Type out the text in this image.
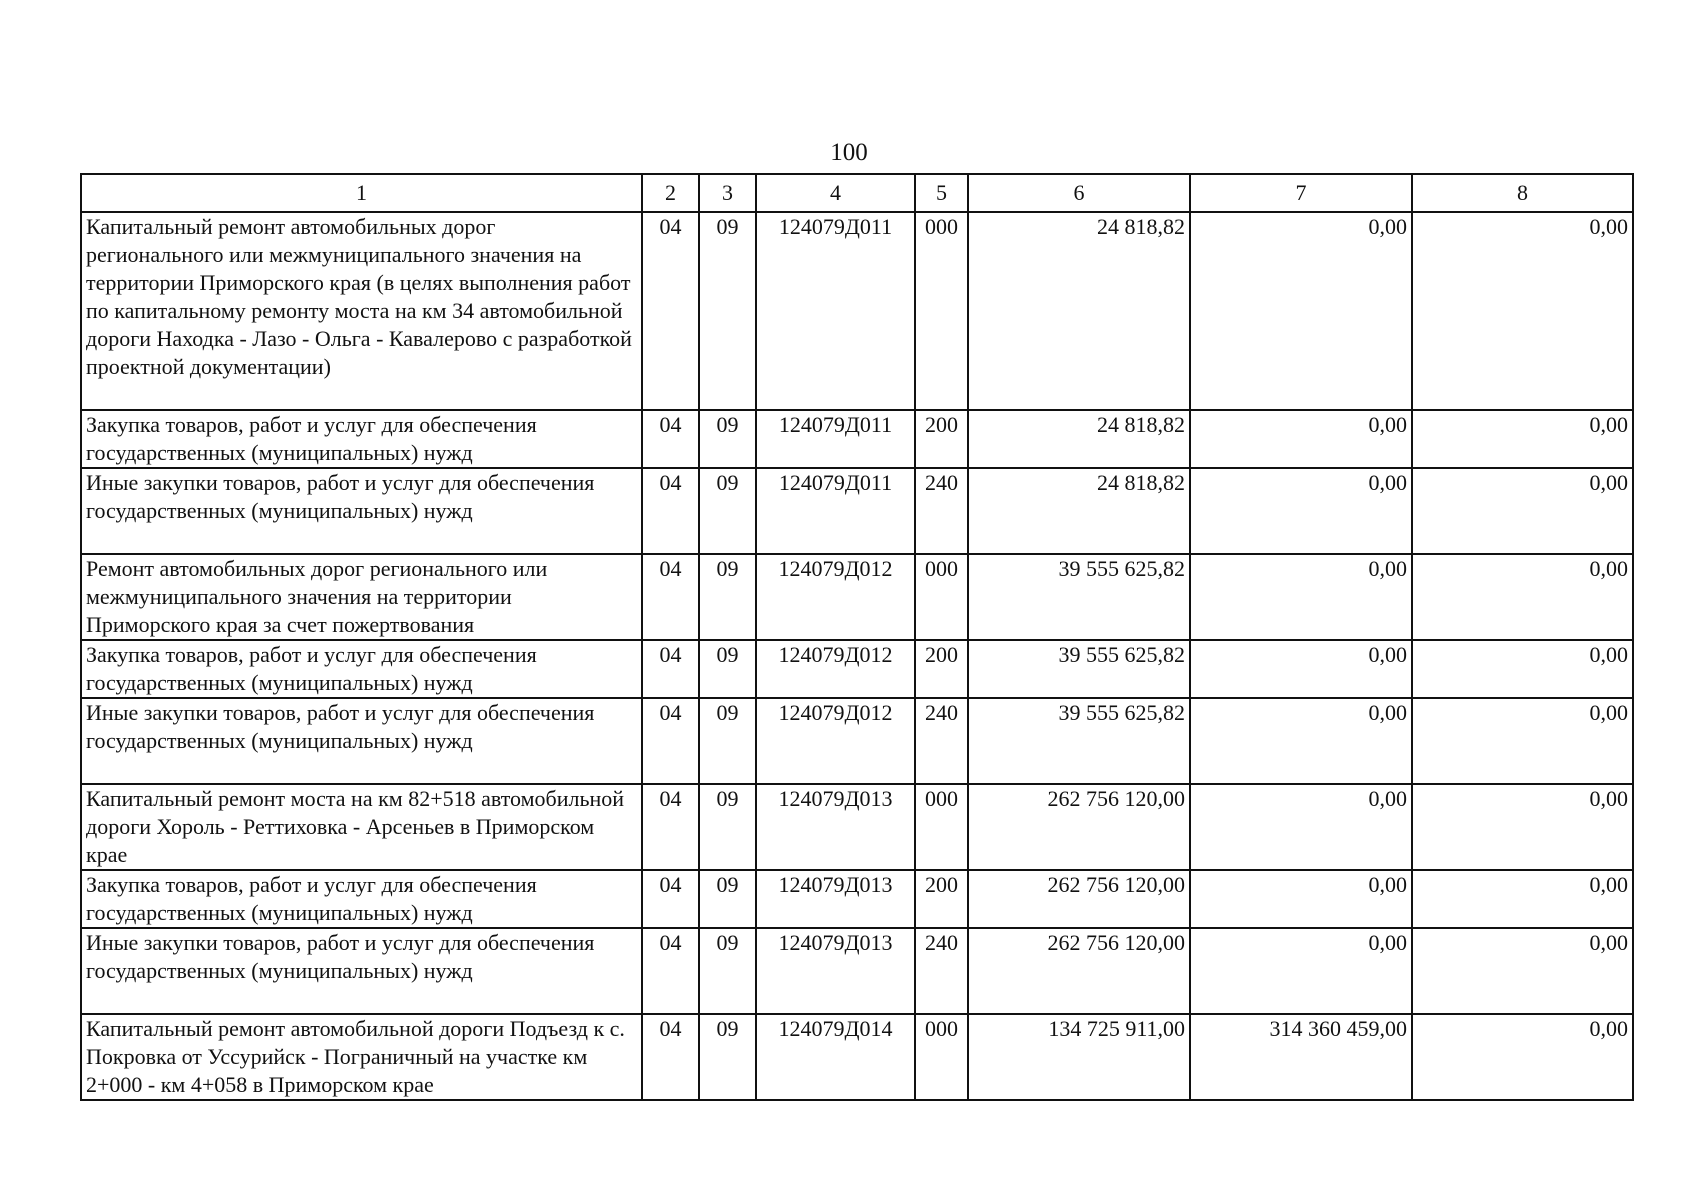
100
1	2	3	4	5	6	7	8
Капитальный ремонт автомобильных дорог регионального или межмуниципального значения на территории Приморского края (в целях выполнения работ по капитальному ремонту моста на км 34 автомобильной дороги Находка - Лазо - Ольга - Кавалерово с разработкой проектной документации)	04	09	124079Д011	000	24 818,82	0,00	0,00
Закупка товаров, работ и услуг для обеспечения государственных (муниципальных) нужд	04	09	124079Д011	200	24 818,82	0,00	0,00
Иные закупки товаров, работ и услуг для обеспечения государственных (муниципальных) нужд	04	09	124079Д011	240	24 818,82	0,00	0,00
Ремонт автомобильных дорог регионального или межмуниципального значения на территории Приморского края за счет пожертвования	04	09	124079Д012	000	39 555 625,82	0,00	0,00
Закупка товаров, работ и услуг для обеспечения государственных (муниципальных) нужд	04	09	124079Д012	200	39 555 625,82	0,00	0,00
Иные закупки товаров, работ и услуг для обеспечения государственных (муниципальных) нужд	04	09	124079Д012	240	39 555 625,82	0,00	0,00
Капитальный ремонт моста на км 82+518 автомобильной дороги Хороль - Реттиховка - Арсеньев в Приморском крае	04	09	124079Д013	000	262 756 120,00	0,00	0,00
Закупка товаров, работ и услуг для обеспечения государственных (муниципальных) нужд	04	09	124079Д013	200	262 756 120,00	0,00	0,00
Иные закупки товаров, работ и услуг для обеспечения государственных (муниципальных) нужд	04	09	124079Д013	240	262 756 120,00	0,00	0,00
Капитальный ремонт автомобильной дороги Подъезд к с. Покровка от Уссурийск - Пограничный на участке км 2+000 - км 4+058 в Приморском крае	04	09	124079Д014	000	134 725 911,00	314 360 459,00	0,00
